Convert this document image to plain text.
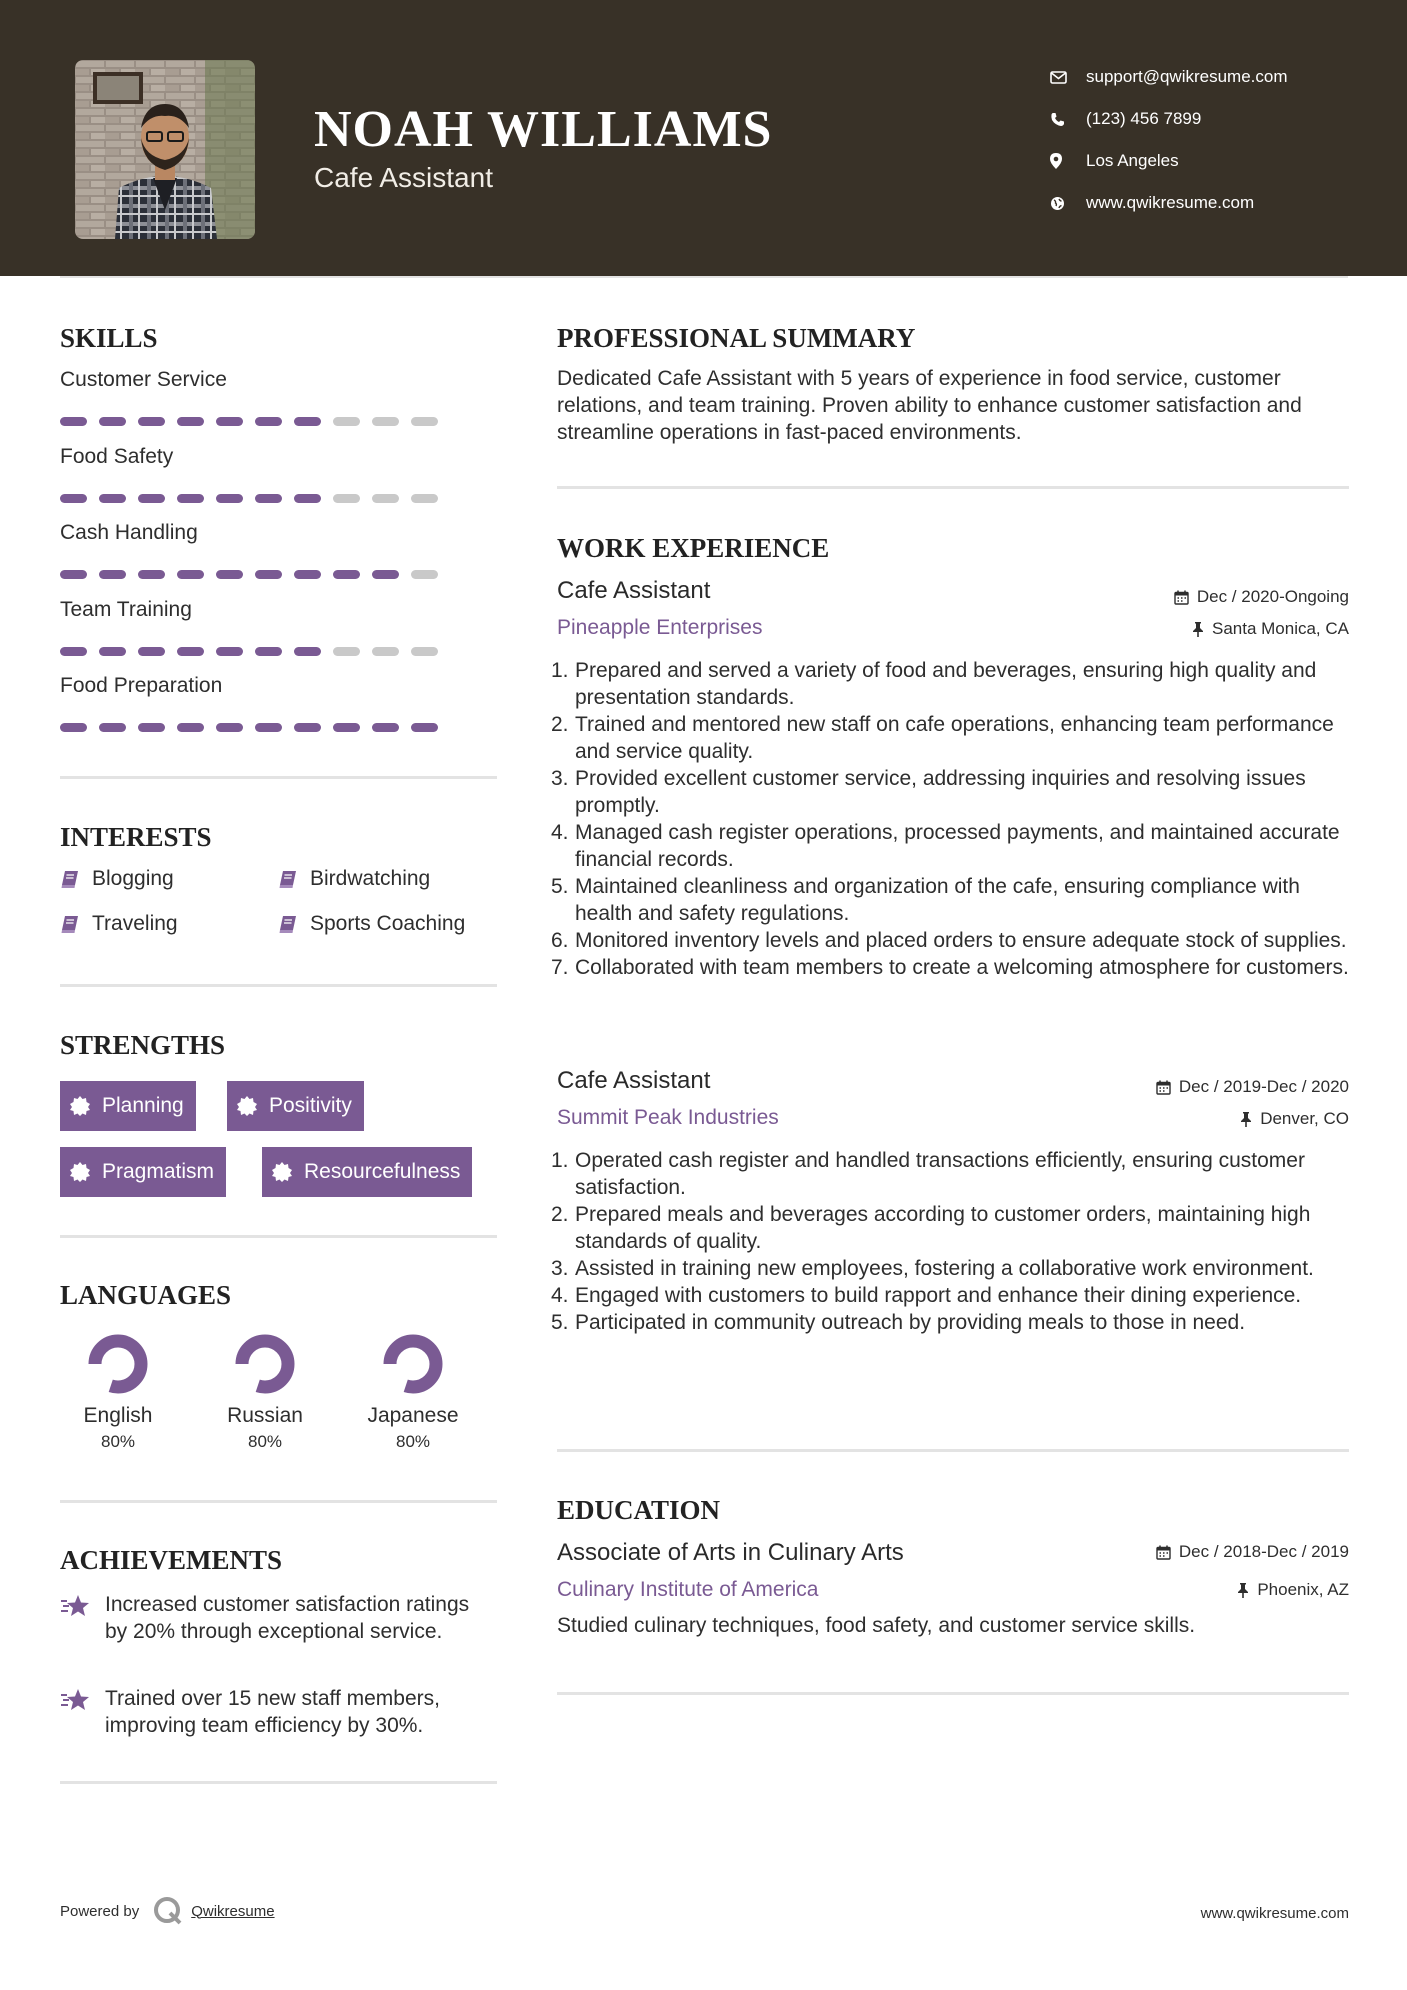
NOAH WILLIAMS
Cafe Assistant
support@qwikresume.com
(123) 456 7899
Los Angeles
www.qwikresume.com
SKILLS
Customer Service
Food Safety
Cash Handling
Team Training
Food Preparation
INTERESTS
Blogging	Birdwatching
Traveling	Sports Coaching
STRENGTHS
Planning	Positivity
Pragmatism	Resourcefulness
LANGUAGES
English
80%
Russian
80%
Japanese
80%
ACHIEVEMENTS
Increased customer satisfaction ratings by 20% through exceptional service.
Trained over 15 new staff members, improving team efficiency by 30%.
PROFESSIONAL SUMMARY
Dedicated Cafe Assistant with 5 years of experience in food service, customer relations, and team training. Proven ability to enhance customer satisfaction and streamline operations in fast-paced environments.
WORK EXPERIENCE
Cafe Assistant	Dec / 2020-Ongoing
Pineapple Enterprises	Santa Monica, CA
1. Prepared and served a variety of food and beverages, ensuring high quality and presentation standards.
2. Trained and mentored new staff on cafe operations, enhancing team performance and service quality.
3. Provided excellent customer service, addressing inquiries and resolving issues promptly.
4. Managed cash register operations, processed payments, and maintained accurate financial records.
5. Maintained cleanliness and organization of the cafe, ensuring compliance with health and safety regulations.
6. Monitored inventory levels and placed orders to ensure adequate stock of supplies.
7. Collaborated with team members to create a welcoming atmosphere for customers.
Cafe Assistant	Dec / 2019-Dec / 2020
Summit Peak Industries	Denver, CO
1. Operated cash register and handled transactions efficiently, ensuring customer satisfaction.
2. Prepared meals and beverages according to customer orders, maintaining high standards of quality.
3. Assisted in training new employees, fostering a collaborative work environment.
4. Engaged with customers to build rapport and enhance their dining experience.
5. Participated in community outreach by providing meals to those in need.
EDUCATION
Associate of Arts in Culinary Arts	Dec / 2018-Dec / 2019
Culinary Institute of America	Phoenix, AZ
Studied culinary techniques, food safety, and customer service skills.
Powered by	Qwikresume	www.qwikresume.com
